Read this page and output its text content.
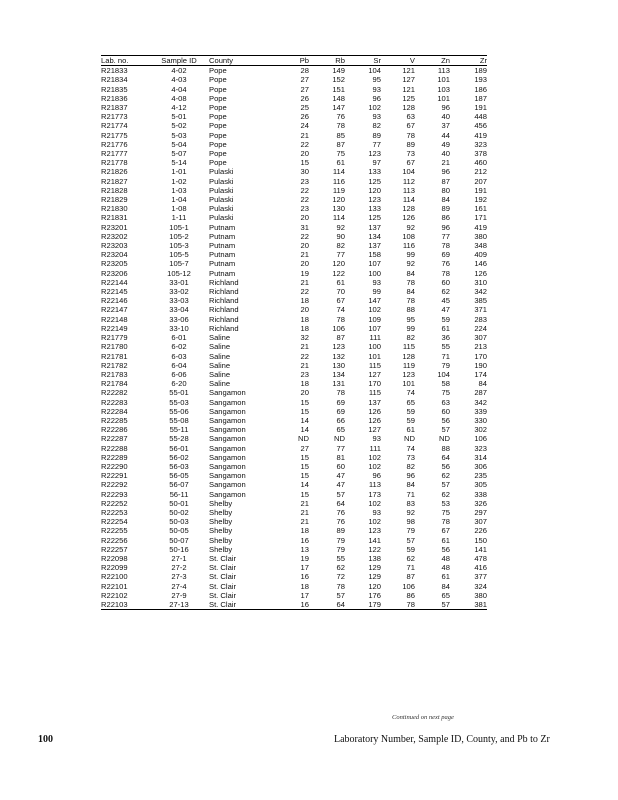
Lab. no.	Sample ID	County	Pb	Rb	Sr	V	Zn	Zr
R21833	4-02	Pope	28	149	104	121	113	189
R21834	4-03	Pope	27	152	95	127	101	193
R21835	4-04	Pope	27	151	93	121	103	186
R21836	4-08	Pope	26	148	96	125	101	187
R21837	4-12	Pope	25	147	102	128	96	191
R21773	5-01	Pope	26	76	93	63	40	448
R21774	5-02	Pope	24	78	82	67	37	456
R21775	5-03	Pope	21	85	89	78	44	419
R21776	5-04	Pope	22	87	77	89	49	323
R21777	5-07	Pope	20	75	123	73	40	378
R21778	5-14	Pope	15	61	97	67	21	460
R21826	1-01	Pulaski	30	114	133	104	96	212
R21827	1-02	Pulaski	23	116	125	112	87	207
R21828	1-03	Pulaski	22	119	120	113	80	191
R21829	1-04	Pulaski	22	120	123	114	84	192
R21830	1-08	Pulaski	23	130	133	128	89	161
R21831	1-11	Pulaski	20	114	125	126	86	171
R23201	105-1	Putnam	31	92	137	92	96	419
R23202	105-2	Putnam	22	90	134	108	77	380
R23203	105-3	Putnam	20	82	137	116	78	348
R23204	105-5	Putnam	21	77	158	99	69	409
R23205	105-7	Putnam	20	120	107	92	76	146
R23206	105-12	Putnam	19	122	100	84	78	126
R22144	33-01	Richland	21	61	93	78	60	310
R22145	33-02	Richland	22	70	99	84	62	342
R22146	33-03	Richland	18	67	147	78	45	385
R22147	33-04	Richland	20	74	102	88	47	371
R22148	33-06	Richland	18	78	109	95	59	283
R22149	33-10	Richland	18	106	107	99	61	224
R21779	6-01	Saline	32	87	111	82	36	307
R21780	6-02	Saline	21	123	100	115	55	213
R21781	6-03	Saline	22	132	101	128	71	170
R21782	6-04	Saline	21	130	115	119	79	190
R21783	6-06	Saline	23	134	127	123	104	174
R21784	6-20	Saline	18	131	170	101	58	84
R22282	55-01	Sangamon	20	78	115	74	75	287
R22283	55-03	Sangamon	15	69	137	65	63	342
R22284	55-06	Sangamon	15	69	126	59	60	339
R22285	55-08	Sangamon	14	66	126	59	56	330
R22286	55-11	Sangamon	14	65	127	61	57	302
R22287	55-28	Sangamon	ND	ND	93	ND	ND	106
R22288	56-01	Sangamon	27	77	111	74	88	323
R22289	56-02	Sangamon	15	81	102	73	64	314
R22290	56-03	Sangamon	15	60	102	82	56	306
R22291	56-05	Sangamon	15	47	96	96	62	235
R22292	56-07	Sangamon	14	47	113	84	57	305
R22293	56-11	Sangamon	15	57	173	71	62	338
R22252	50-01	Shelby	21	64	102	83	53	326
R22253	50-02	Shelby	21	76	93	92	75	297
R22254	50-03	Shelby	21	76	102	98	78	307
R22255	50-05	Shelby	18	89	123	79	67	226
R22256	50-07	Shelby	16	79	141	57	61	150
R22257	50-16	Shelby	13	79	122	59	56	141
R22098	27-1	St. Clair	19	55	138	62	48	478
R22099	27-2	St. Clair	17	62	129	71	48	416
R22100	27-3	St. Clair	16	72	129	87	61	377
R22101	27-4	St. Clair	18	78	120	106	84	324
R22102	27-9	St. Clair	17	57	176	86	65	380
R22103	27-13	St. Clair	16	64	179	78	57	381
Continued on next page
100	Laboratory Number, Sample ID, County, and Pb to Zr
